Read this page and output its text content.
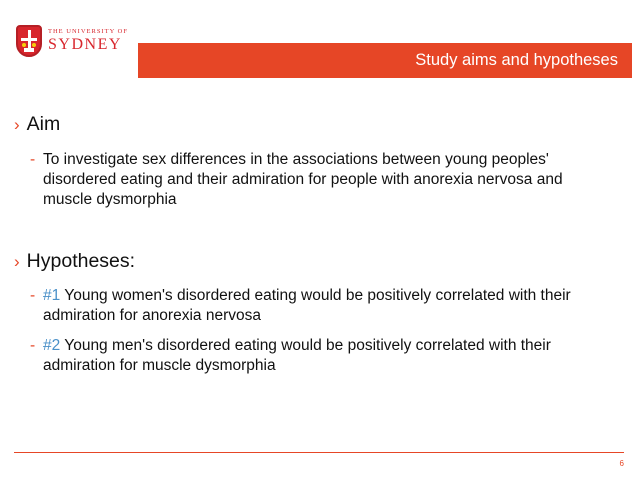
THE UNIVERSITY OF
SYDNEY
Study aims and hypotheses
› Aim
- To investigate sex differences in the associations between young peoples' disordered eating and their admiration for people with anorexia nervosa and muscle dysmorphia
› Hypotheses:
- #1 Young women's disordered eating would be positively correlated with their admiration for anorexia nervosa
- #2 Young men's disordered eating would be positively correlated with their admiration for muscle dysmorphia
6
